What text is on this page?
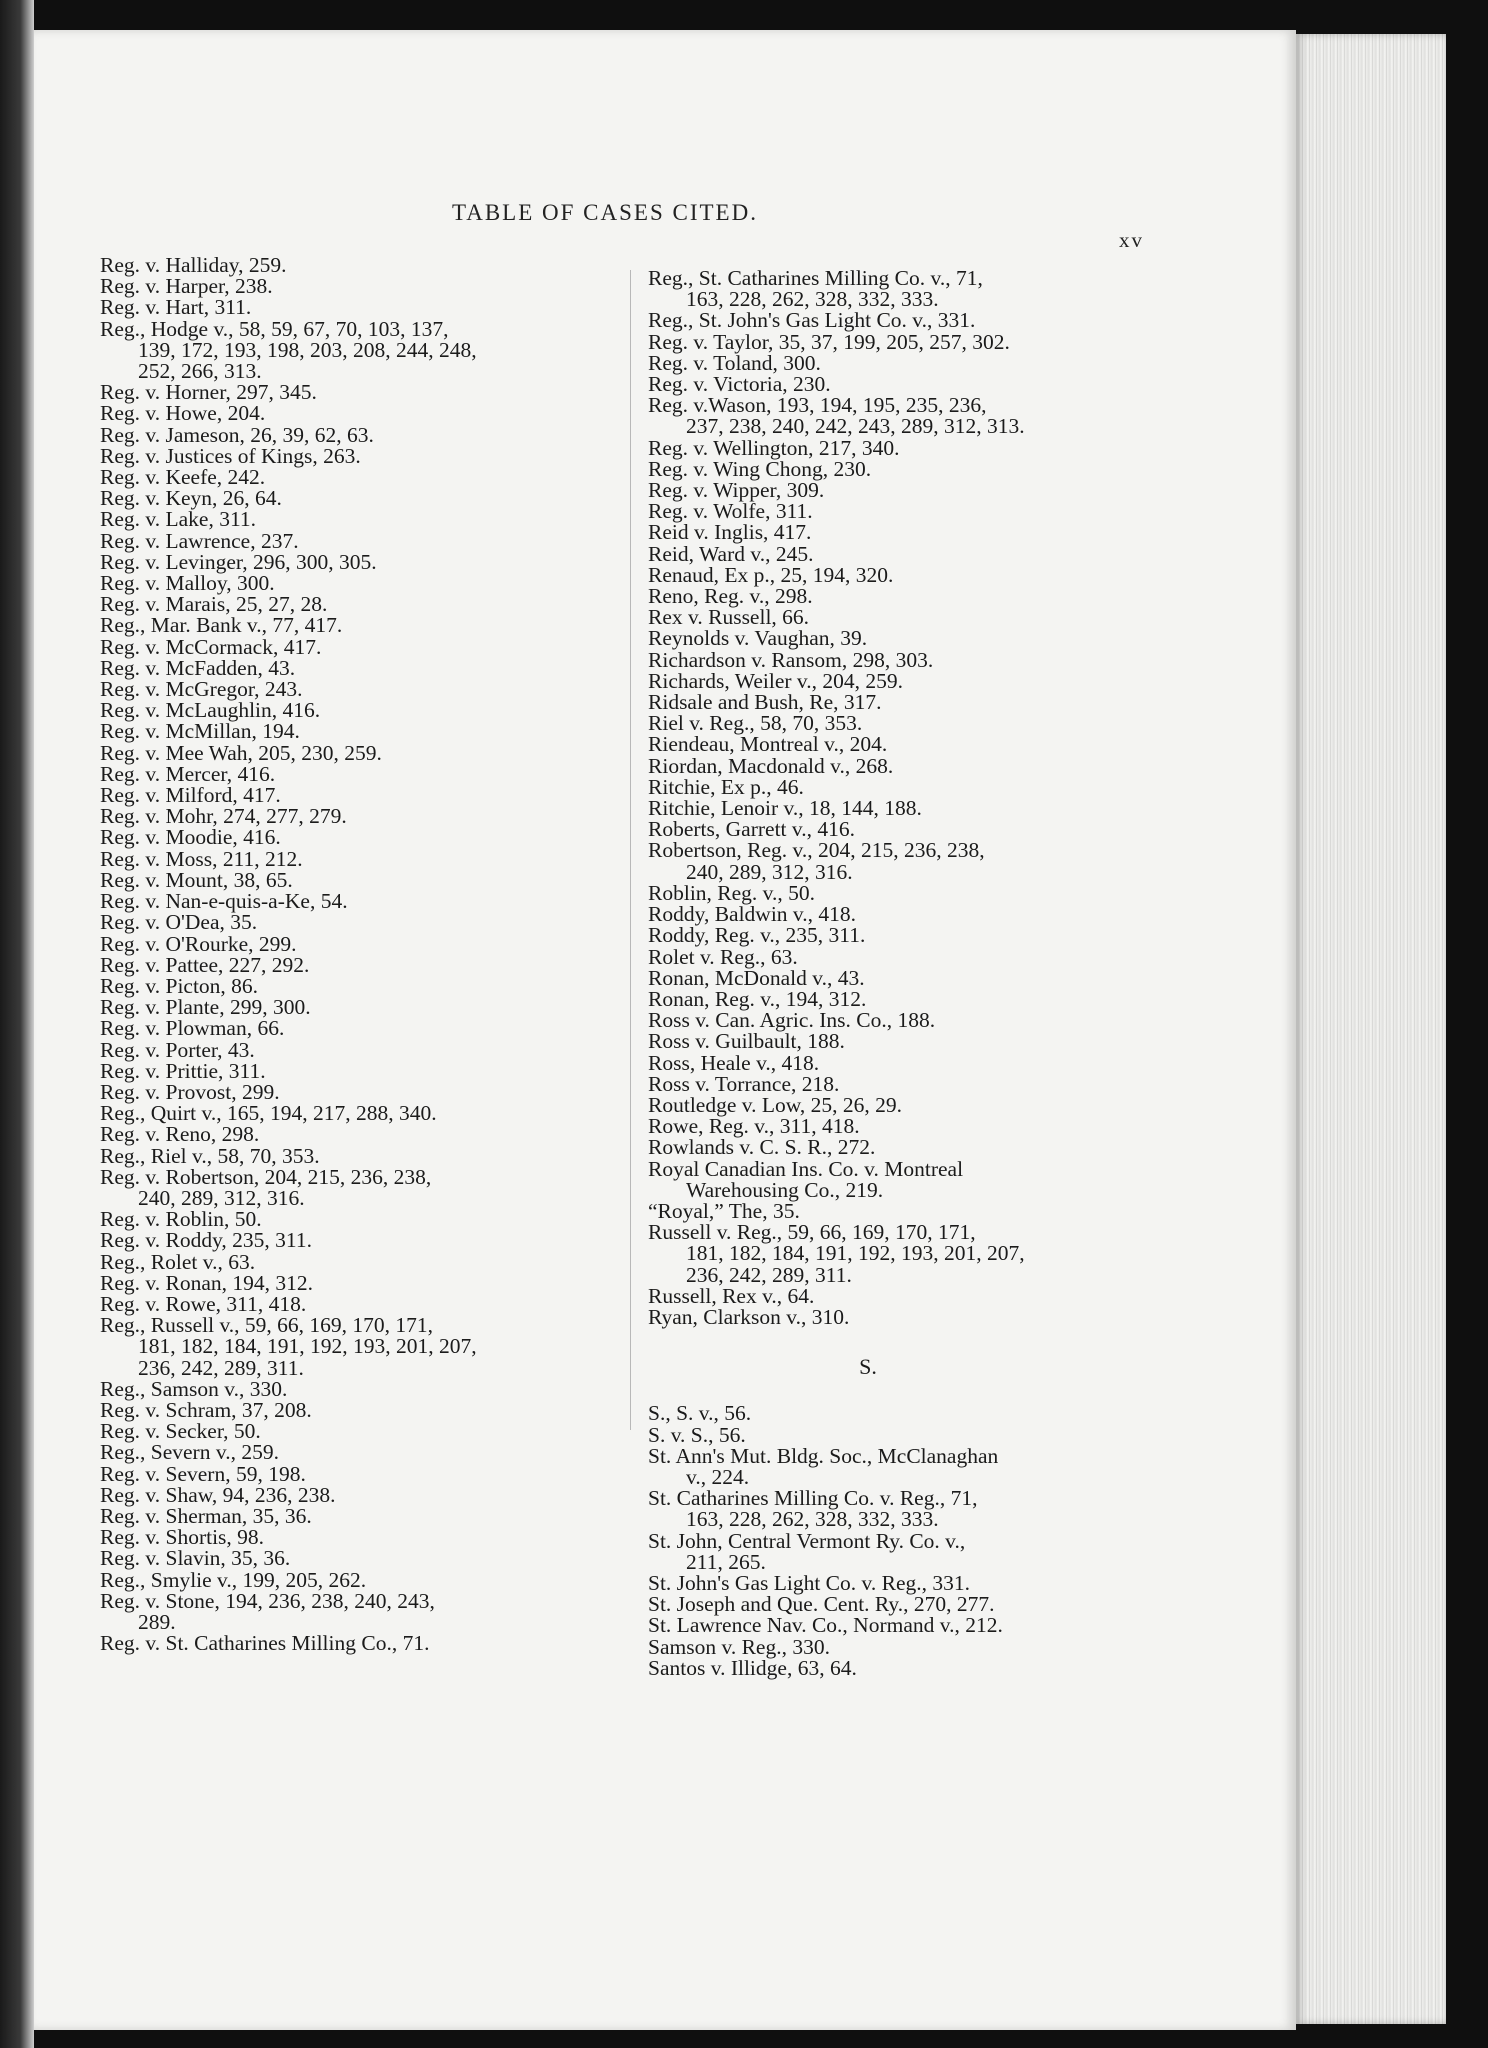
TABLE OF CASES CITED.
xv

Reg. v. Halliday, 259.

Reg. v. Harper, 238.

Reg. v. Hart, 311.

Reg., Hodge v., 58, 59, 67, 70, 103, 137,
139, 172, 193, 198, 203, 208, 244, 248,
252, 266, 313.

Reg. v. Horner, 297, 345.

Reg. v. Howe, 204.

Reg. v. Jameson, 26, 39, 62, 63.

Reg. v. Justices of Kings, 263.

Reg. v. Keefe, 242.

Reg. v. Keyn, 26, 64.

Reg. v. Lake, 311.

Reg. v. Lawrence, 237.

Reg. v. Levinger, 296, 300, 305.

Reg. v. Malloy, 300.

Reg. v. Marais, 25, 27, 28.

Reg., Mar. Bank v., 77, 417.

Reg. v. McCormack, 417.

Reg. v. McFadden, 43.

Reg. v. McGregor, 243.

Reg. v. McLaughlin, 416.

Reg. v. McMillan, 194.

Reg. v. Mee Wah, 205, 230, 259.

Reg. v. Mercer, 416.

Reg. v. Milford, 417.

Reg. v. Mohr, 274, 277, 279.

Reg. v. Moodie, 416.

Reg. v. Moss, 211, 212.

Reg. v. Mount, 38, 65.

Reg. v. Nan-e-quis-a-Ke, 54.

Reg. v. O'Dea, 35.

Reg. v. O'Rourke, 299.

Reg. v. Pattee, 227, 292.

Reg. v. Picton, 86.

Reg. v. Plante, 299, 300.

Reg. v. Plowman, 66.

Reg. v. Porter, 43.

Reg. v. Prittie, 311.

Reg. v. Provost, 299.

Reg., Quirt v., 165, 194, 217, 288, 340.

Reg. v. Reno, 298.

Reg., Riel v., 58, 70, 353.

Reg. v. Robertson, 204, 215, 236, 238,
240, 289, 312, 316.

Reg. v. Roblin, 50.

Reg. v. Roddy, 235, 311.

Reg., Rolet v., 63.

Reg. v. Ronan, 194, 312.

Reg. v. Rowe, 311, 418.

Reg., Russell v., 59, 66, 169, 170, 171,
181, 182, 184, 191, 192, 193, 201, 207,
236, 242, 289, 311.

Reg., Samson v., 330.

Reg. v. Schram, 37, 208.

Reg. v. Secker, 50.

Reg., Severn v., 259.

Reg. v. Severn, 59, 198.

Reg. v. Shaw, 94, 236, 238.

Reg. v. Sherman, 35, 36.

Reg. v. Shortis, 98.

Reg. v. Slavin, 35, 36.

Reg., Smylie v., 199, 205, 262.

Reg. v. Stone, 194, 236, 238, 240, 243,
289.

Reg. v. St. Catharines Milling Co., 71.

Reg., St. Catharines Milling Co. v., 71,
163, 228, 262, 328, 332, 333.

Reg., St. John's Gas Light Co. v., 331.

Reg. v. Taylor, 35, 37, 199, 205, 257, 302.

Reg. v. Toland, 300.

Reg. v. Victoria, 230.

Reg. v.Wason, 193, 194, 195, 235, 236,
237, 238, 240, 242, 243, 289, 312, 313.

Reg. v. Wellington, 217, 340.

Reg. v. Wing Chong, 230.

Reg. v. Wipper, 309.

Reg. v. Wolfe, 311.

Reid v. Inglis, 417.

Reid, Ward v., 245.

Renaud, Ex p., 25, 194, 320.

Reno, Reg. v., 298.

Rex v. Russell, 66.

Reynolds v. Vaughan, 39.

Richardson v. Ransom, 298, 303.

Richards, Weiler v., 204, 259.

Ridsale and Bush, Re, 317.

Riel v. Reg., 58, 70, 353.

Riendeau, Montreal v., 204.

Riordan, Macdonald v., 268.

Ritchie, Ex p., 46.

Ritchie, Lenoir v., 18, 144, 188.

Roberts, Garrett v., 416.

Robertson, Reg. v., 204, 215, 236, 238,
240, 289, 312, 316.

Roblin, Reg. v., 50.

Roddy, Baldwin v., 418.

Roddy, Reg. v., 235, 311.

Rolet v. Reg., 63.

Ronan, McDonald v., 43.

Ronan, Reg. v., 194, 312.

Ross v. Can. Agric. Ins. Co., 188.

Ross v. Guilbault, 188.

Ross, Heale v., 418.

Ross v. Torrance, 218.

Routledge v. Low, 25, 26, 29.

Rowe, Reg. v., 311, 418.

Rowlands v. C. S. R., 272.

Royal Canadian Ins. Co. v. Montreal
Warehousing Co., 219.

“Royal,” The, 35.

Russell v. Reg., 59, 66, 169, 170, 171,
181, 182, 184, 191, 192, 193, 201, 207,
236, 242, 289, 311.

Russell, Rex v., 64.

Ryan, Clarkson v., 310.

S.

S., S. v., 56.

S. v. S., 56.

St. Ann's Mut. Bldg. Soc., McClanaghan
v., 224.

St. Catharines Milling Co. v. Reg., 71,
163, 228, 262, 328, 332, 333.

St. John, Central Vermont Ry. Co. v.,
211, 265.

St. John's Gas Light Co. v. Reg., 331.

St. Joseph and Que. Cent. Ry., 270, 277.

St. Lawrence Nav. Co., Normand v., 212.

Samson v. Reg., 330.

Santos v. Illidge, 63, 64.
